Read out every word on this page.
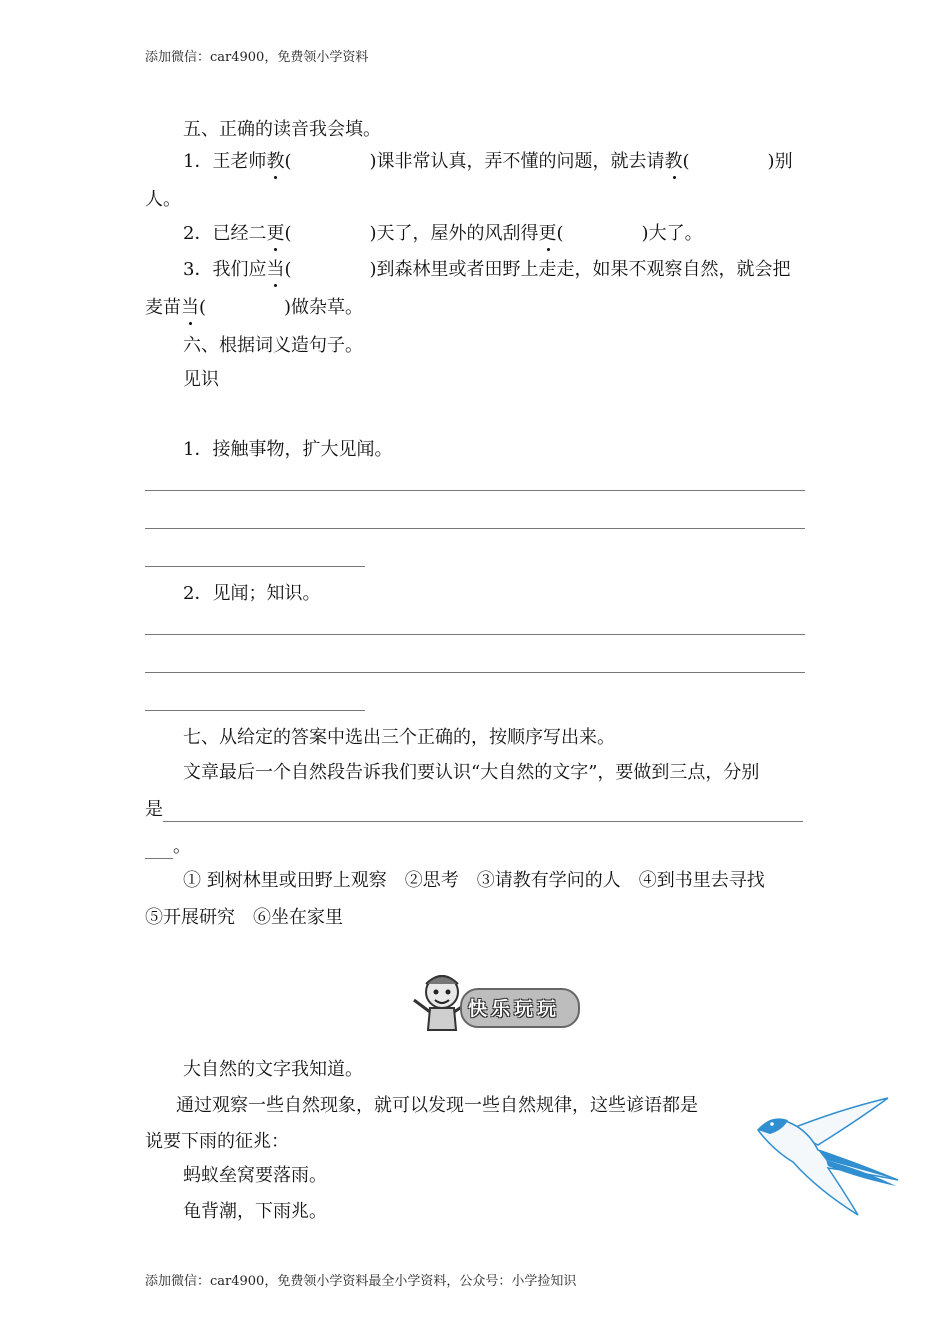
添加微信：car4900，免费领小学资料
五、正确的读音我会填。
1．王老师教(	)课非常认真，弄不懂的问题，就去请教(	)别
人。
2．已经二更(	)天了，屋外的风刮得更(	)大了。
3．我们应当(	)到森林里或者田野上走走，如果不观察自然，就会把
麦苗当(	)做杂草。
六、根据词义造句子。
见识
1．接触事物，扩大见闻。
2．见闻；知识。
七、从给定的答案中选出三个正确的，按顺序写出来。
文章最后一个自然段告诉我们要认识“大自然的文字”，要做到三点，分别
是
。
① 到树林里或田野上观察　②思考　③请教有学问的人　④到书里去寻找
⑤开展研究　⑥坐在家里
快乐玩玩
大自然的文字我知道。
通过观察一些自然现象，就可以发现一些自然规律，这些谚语都是
说要下雨的征兆：
蚂蚁垒窝要落雨。
龟背潮，下雨兆。
添加微信：car4900，免费领小学资料最全小学资料，公众号：小学捡知识
